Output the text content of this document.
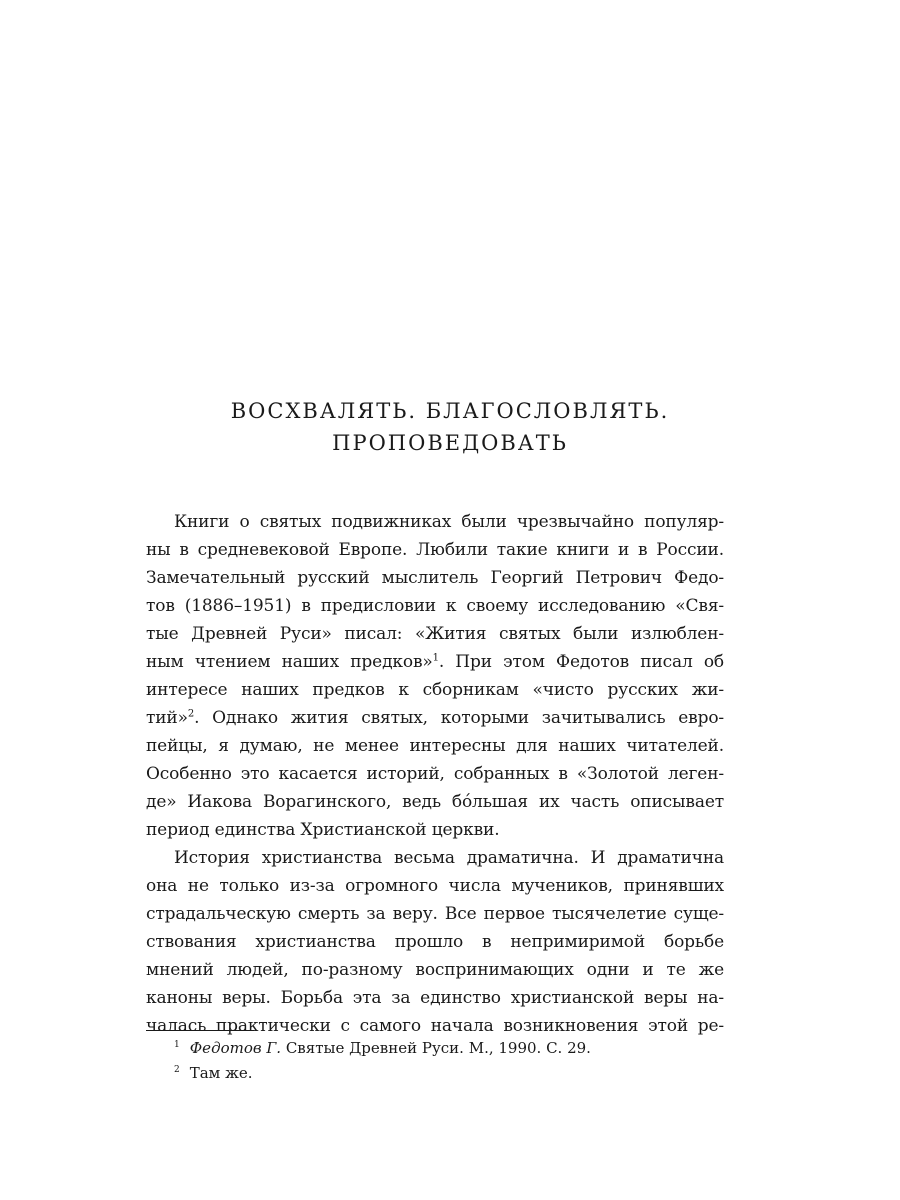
ВОСХВАЛЯТЬ. БЛАГОСЛОВЛЯТЬ.
ПРОПОВЕДОВАТЬ
Книги о святых подвижниках были чрезвычайно популяр-
ны в средневековой Европе. Любили такие книги и в России.
Замечательный русский мыслитель Георгий Петрович Федо-
тов (1886–1951) в предисловии к своему исследованию «Свя-
тые Древней Руси» писал: «Жития святых были излюблен-
ным чтением наших предков»$^1$. При этом Федотов писал об
интересе наших предков к сборникам «чисто русских жи-
тий»$^2$. Однако жития святых, которыми зачитывались евро-
пейцы, я думаю, не менее интересны для наших читателей.
Особенно это касается историй, собранных в «Золотой леген-
де» Иакова Ворагинского, ведь бóльшая их часть описывает
период единства Христианской церкви.
История христианства весьма драматична. И драматична
она не только из-за огромного числа мучеников, принявших
страдальческую смерть за веру. Все первое тысячелетие суще-
ствования христианства прошло в непримиримой борьбе
мнений людей, по-разному воспринимающих одни и те же
каноны веры. Борьба эта за единство христианской веры на-
чалась практически с самого начала возникновения этой ре-
$^1$ Федотов Г. Святые Древней Руси. М., 1990. С. 29.
$^2$ Там же.
